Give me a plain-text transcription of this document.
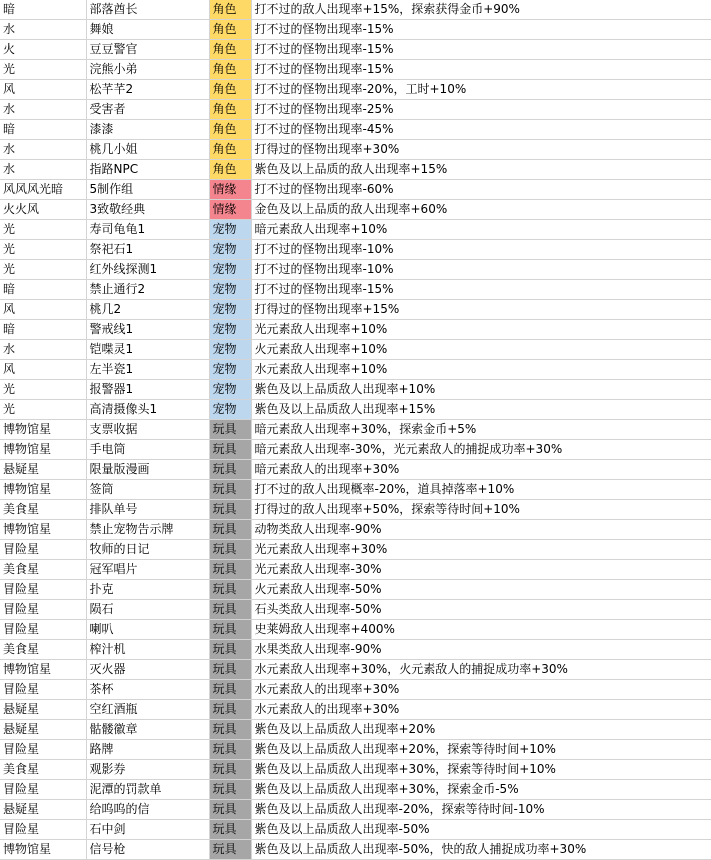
暗	部落酋长	角色	打不过的敌人出现率+15%，探索获得金币+90%
水	舞娘	角色	打不过的怪物出现率-15%
火	豆豆警官	角色	打不过的怪物出现率-15%
光	浣熊小弟	角色	打不过的怪物出现率-15%
风	松芊芊2	角色	打不过的怪物出现率-20%，工时+10%
水	受害者	角色	打不过的怪物出现率-25%
暗	漆漆	角色	打不过的怪物出现率-45%
水	桃几小姐	角色	打得过的怪物出现率+30%
水	指路NPC	角色	紫色及以上品质的敌人出现率+15%
风风风光暗	5制作组	情缘	打不过的怪物出现率-60%
火火风	3致敬经典	情缘	金色及以上品质的敌人出现率+60%
光	寿司龟龟1	宠物	暗元素敌人出现率+10%
光	祭祀石1	宠物	打不过的怪物出现率-10%
光	红外线探测1	宠物	打不过的怪物出现率-10%
暗	禁止通行2	宠物	打不过的怪物出现率-15%
风	桃几2	宠物	打得过的怪物出现率+15%
暗	警戒线1	宠物	光元素敌人出现率+10%
水	铠喋灵1	宠物	火元素敌人出现率+10%
风	左半瓷1	宠物	水元素敌人出现率+10%
光	报警器1	宠物	紫色及以上品质敌人出现率+10%
光	高清摄像头1	宠物	紫色及以上品质敌人出现率+15%
博物馆星	支票收据	玩具	暗元素敌人出现率+30%，探索金币+5%
博物馆星	手电筒	玩具	暗元素敌人出现率-30%，光元素敌人的捕捉成功率+30%
悬疑星	限量版漫画	玩具	暗元素敌人的出现率+30%
博物馆星	签筒	玩具	打不过的敌人出现概率-20%，道具掉落率+10%
美食星	排队单号	玩具	打得过的敌人出现率+50%，探索等待时间+10%
博物馆星	禁止宠物告示牌	玩具	动物类敌人出现率-90%
冒险星	牧师的日记	玩具	光元素敌人出现率+30%
美食星	冠军唱片	玩具	光元素敌人出现率-30%
冒险星	扑克	玩具	火元素敌人出现率-50%
冒险星	陨石	玩具	石头类敌人出现率-50%
冒险星	喇叭	玩具	史莱姆敌人出现率+400%
美食星	榨汁机	玩具	水果类敌人出现率-90%
博物馆星	灭火器	玩具	水元素敌人出现率+30%，火元素敌人的捕捉成功率+30%
冒险星	茶杯	玩具	水元素敌人的出现率+30%
悬疑星	空红酒瓶	玩具	水元素敌人的出现率+30%
悬疑星	骷髅徽章	玩具	紫色及以上品质敌人出现率+20%
冒险星	路牌	玩具	紫色及以上品质敌人出现率+20%，探索等待时间+10%
美食星	观影券	玩具	紫色及以上品质敌人出现率+30%，探索等待时间+10%
冒险星	泥潭的罚款单	玩具	紫色及以上品质敌人出现率+30%，探索金币-5%
悬疑星	给呜呜的信	玩具	紫色及以上品质敌人出现率-20%，探索等待时间-10%
冒险星	石中剑	玩具	紫色及以上品质敌人出现率-50%
博物馆星	信号枪	玩具	紫色及以上品质敌人出现率-50%，快的敌人捕捉成功率+30%
